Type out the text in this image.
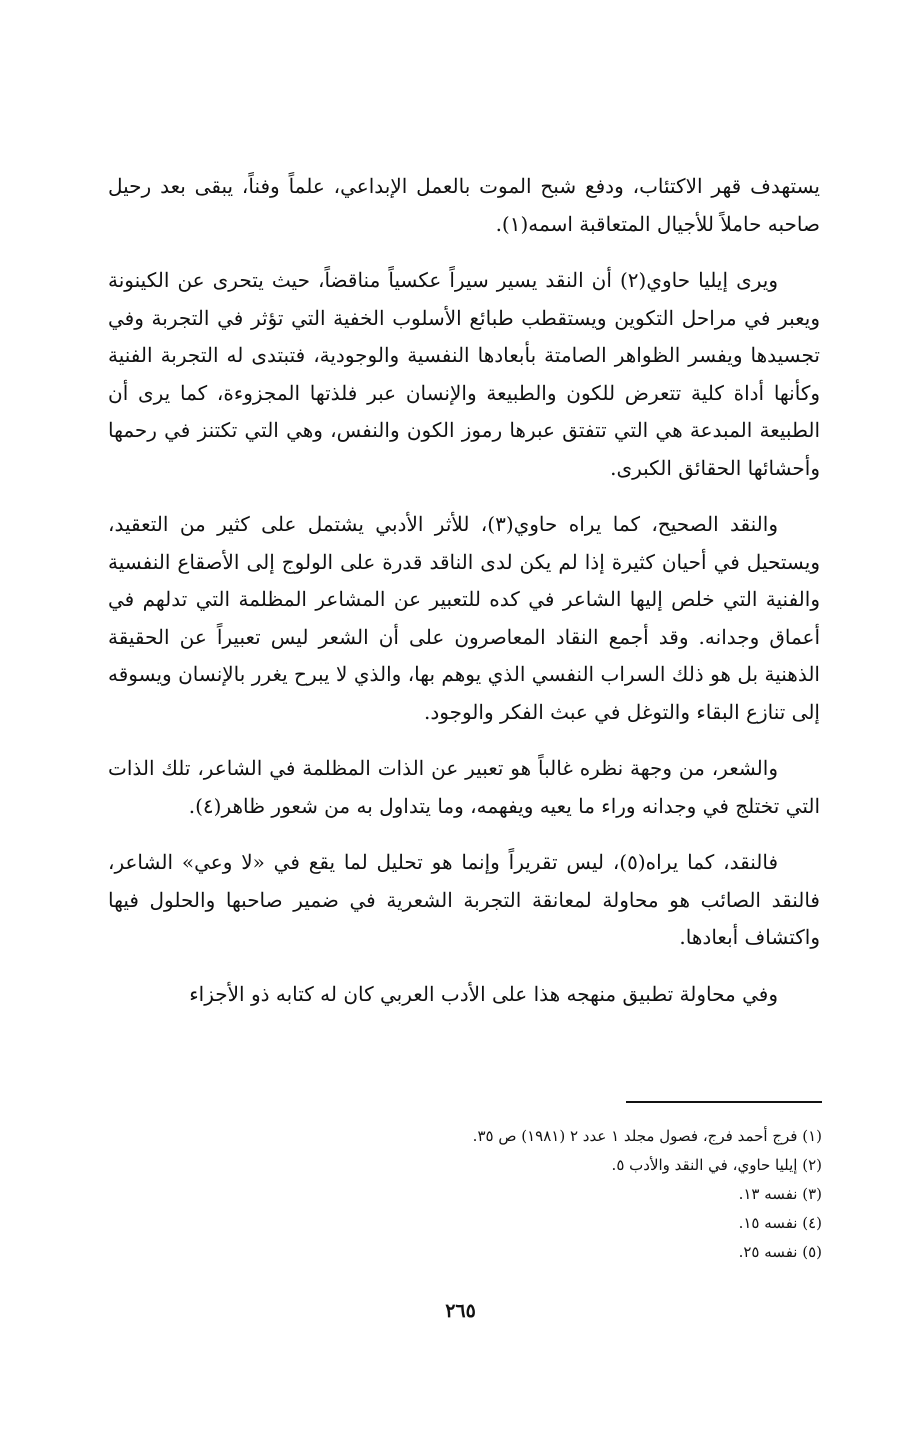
يستهدف قهر الاكتئاب، ودفع شبح الموت بالعمل الإبداعي، علماً وفناً، يبقى بعد رحيل صاحبه حاملاً للأجيال المتعاقبة اسمه(١).

ويرى إيليا حاوي(٢) أن النقد يسير سيراً عكسياً مناقضاً، حيث يتحرى عن الكينونة ويعبر في مراحل التكوين ويستقطب طبائع الأسلوب الخفية التي تؤثر في التجربة وفي تجسيدها ويفسر الظواهر الصامتة بأبعادها النفسية والوجودية، فتبتدى له التجربة الفنية وكأنها أداة كلية تتعرض للكون والطبيعة والإنسان عبر فلذتها المجزوءة، كما يرى أن الطبيعة المبدعة هي التي تتفتق عبرها رموز الكون والنفس، وهي التي تكتنز في رحمها وأحشائها الحقائق الكبرى.

والنقد الصحيح، كما يراه حاوي(٣)، للأثر الأدبي يشتمل على كثير من التعقيد، ويستحيل في أحيان كثيرة إذا لم يكن لدى الناقد قدرة على الولوج إلى الأصقاع النفسية والفنية التي خلص إليها الشاعر في كده للتعبير عن المشاعر المظلمة التي تدلهم في أعماق وجدانه. وقد أجمع النقاد المعاصرون على أن الشعر ليس تعبيراً عن الحقيقة الذهنية بل هو ذلك السراب النفسي الذي يوهم بها، والذي لا يبرح يغرر بالإنسان ويسوقه إلى تنازع البقاء والتوغل في عبث الفكر والوجود.

والشعر، من وجهة نظره غالباً هو تعبير عن الذات المظلمة في الشاعر، تلك الذات التي تختلج في وجدانه وراء ما يعيه ويفهمه، وما يتداول به من شعور ظاهر(٤).

فالنقد، كما يراه(٥)، ليس تقريراً وإنما هو تحليل لما يقع في «لا وعي» الشاعر، فالنقد الصائب هو محاولة لمعانقة التجربة الشعرية في ضمير صاحبها والحلول فيها واكتشاف أبعادها.

وفي محاولة تطبيق منهجه هذا على الأدب العربي كان له كتابه ذو الأجزاء

(١) فرج أحمد فرج، فصول مجلد ١ عدد ٢ (١٩٨١) ص ٣٥.
(٢) إيليا حاوي، في النقد والأدب ٥.
(٣) نفسه ١٣.
(٤) نفسه ١٥.
(٥) نفسه ٢٥.
٢٦٥
